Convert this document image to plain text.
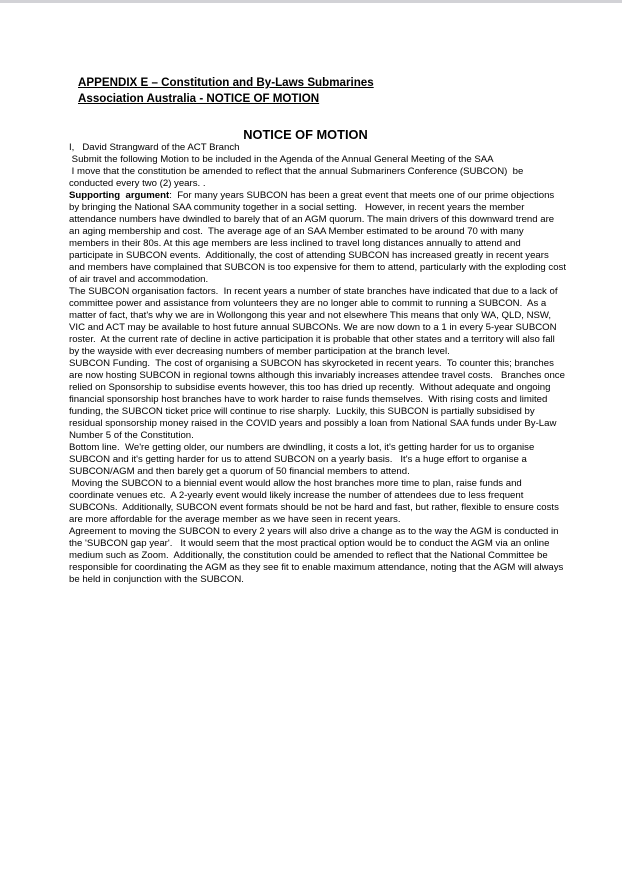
APPENDIX E – Constitution and By-Laws Submarines
Association Australia - NOTICE OF MOTION
NOTICE OF MOTION

I,   David Strangward of the ACT Branch

Submit the following Motion to be included in the Agenda of the Annual General Meeting of the SAA

I move that the constitution be amended to reflect that the annual Submariners Conference (SUBCON)  be conducted every two (2) years. .

Supporting  argument:  For many years SUBCON has been a great event that meets one of our prime objections by bringing the National SAA community together in a social setting.   However, in recent years the member attendance numbers have dwindled to barely that of an AGM quorum. The main drivers of this downward trend are an aging membership and cost.  The average age of an SAA Member estimated to be around 70 with many members in their 80s. At this age members are less inclined to travel long distances annually to attend and participate in SUBCON events.  Additionally, the cost of attending SUBCON has increased greatly in recent years and members have complained that SUBCON is too expensive for them to attend, particularly with the exploding cost of air travel and accommodation.

The SUBCON organisation factors.  In recent years a number of state branches have indicated that due to a lack of committee power and assistance from volunteers they are no longer able to commit to running a SUBCON.  As a matter of fact, that's why we are in Wollongong this year and not elsewhere This means that only WA, QLD, NSW, VIC and ACT may be available to host future annual SUBCONs. We are now down to a 1 in every 5-year SUBCON roster.  At the current rate of decline in active participation it is probable that other states and a territory will also fall by the wayside with ever decreasing numbers of member participation at the branch level.

SUBCON Funding.  The cost of organising a SUBCON has skyrocketed in recent years.  To counter this; branches are now hosting SUBCON in regional towns although this invariably increases attendee travel costs.   Branches once relied on Sponsorship to subsidise events however, this too has dried up recently.  Without adequate and ongoing financial sponsorship host branches have to work harder to raise funds themselves.  With rising costs and limited funding, the SUBCON ticket price will continue to rise sharply.  Luckily, this SUBCON is partially subsidised by residual sponsorship money raised in the COVID years and possibly a loan from National SAA funds under By-Law Number 5 of the Constitution.

Bottom line.  We're getting older, our numbers are dwindling, it costs a lot, it's getting harder for us to organise SUBCON and it's getting harder for us to attend SUBCON on a yearly basis.   It's a huge effort to organise a SUBCON/AGM and then barely get a quorum of 50 financial members to attend.

Moving the SUBCON to a biennial event would allow the host branches more time to plan, raise funds and coordinate venues etc.  A 2-yearly event would likely increase the number of attendees due to less frequent SUBCONs.  Additionally, SUBCON event formats should be not be hard and fast, but rather, flexible to ensure costs are more affordable for the average member as we have seen in recent years.

Agreement to moving the SUBCON to every 2 years will also drive a change as to the way the AGM is conducted in the 'SUBCON gap year'.   It would seem that the most practical option would be to conduct the AGM via an online medium such as Zoom.  Additionally, the constitution could be amended to reflect that the National Committee be responsible for coordinating the AGM as they see fit to enable maximum attendance, noting that the AGM will always be held in conjunction with the SUBCON.
